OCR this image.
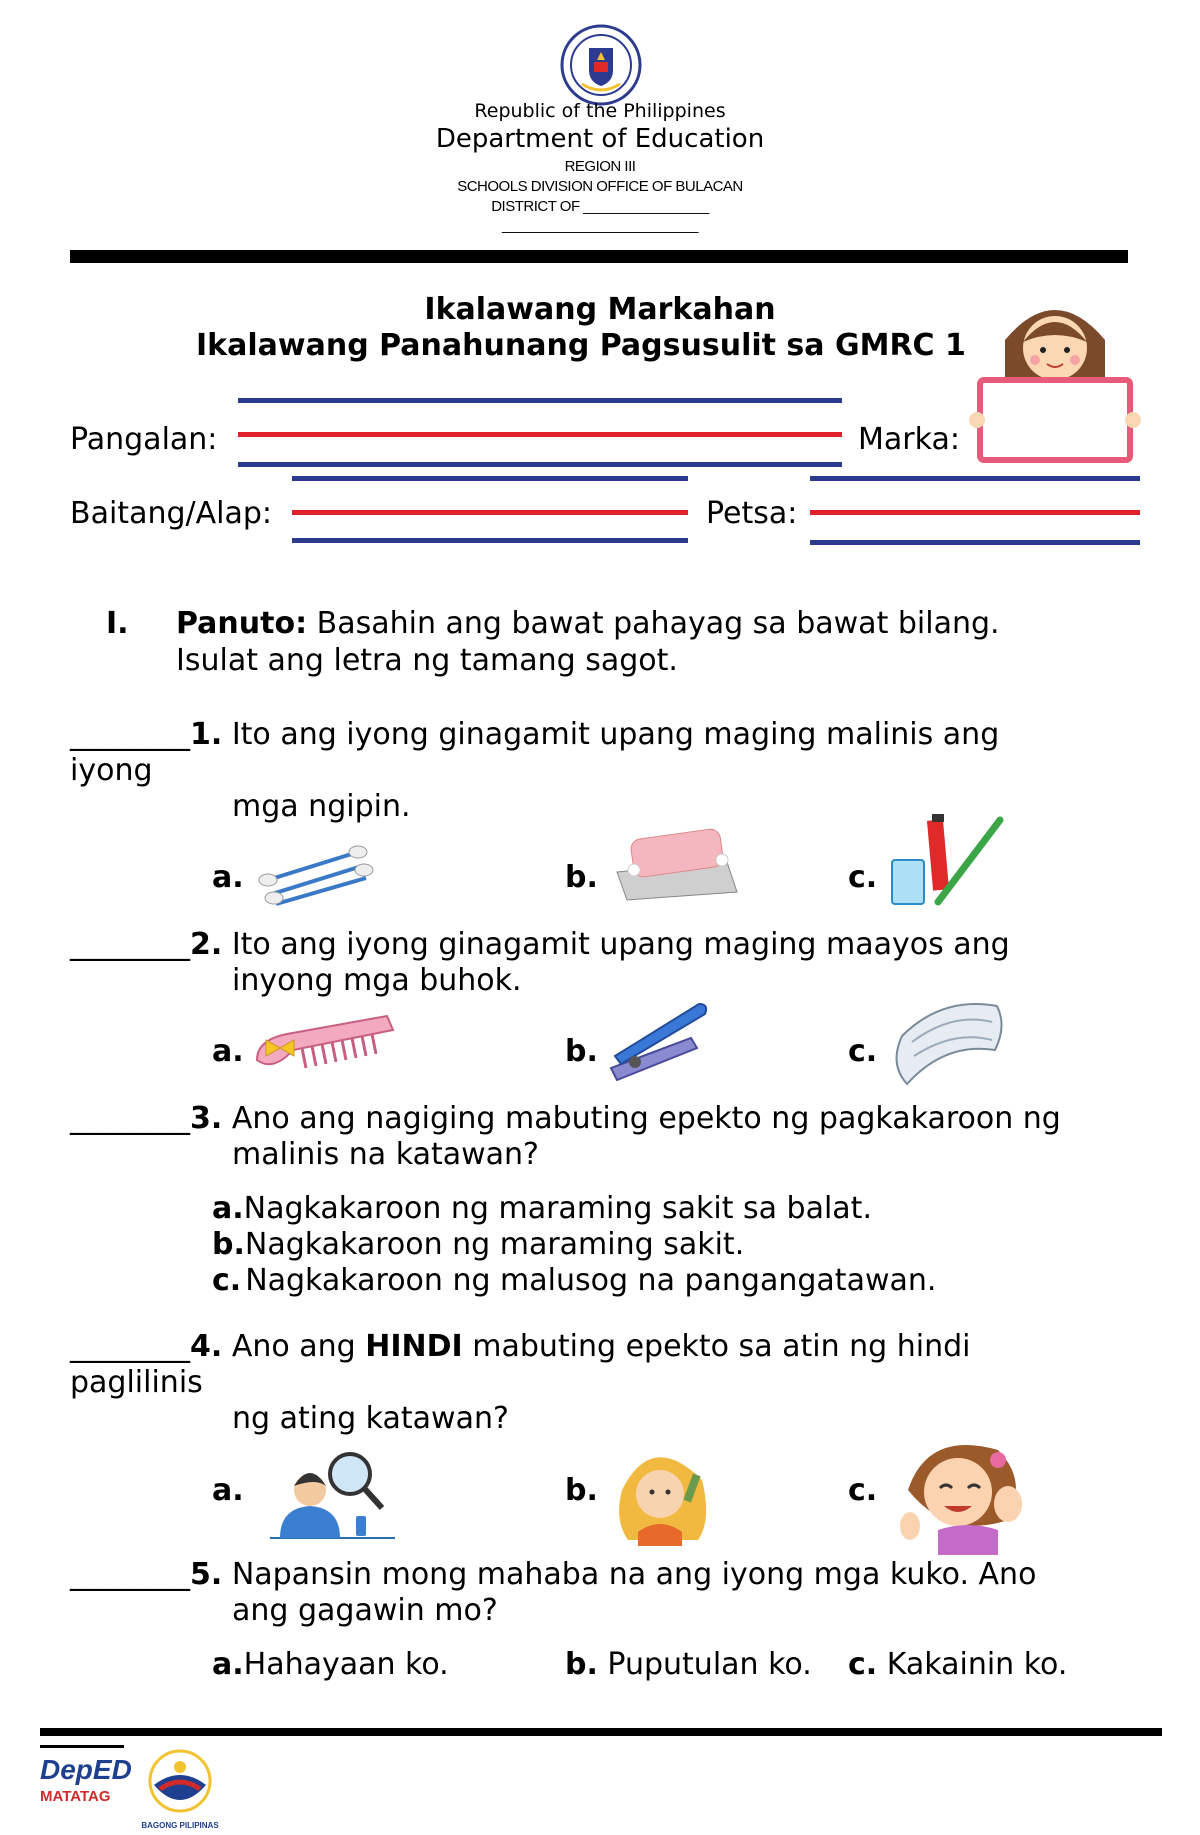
Republic of the Philippines
Department of Education
REGION III
SCHOOLS DIVISION OFFICE OF BULACAN
DISTRICT OF ________________
_________________________
Ikalawang Markahan
Ikalawang Panahunang Pagsusulit sa GMRC 1
Pangalan:	Marka:
Baitang/Alap:	Petsa:
I. Panuto: Basahin ang bawat pahayag sa bawat bilang.
Isulat ang letra ng tamang sagot.
________1. Ito ang iyong ginagamit upang maging malinis ang
iyong
mga ngipin.
a.	b.	c.
________2. Ito ang iyong ginagamit upang maging maayos ang
inyong mga buhok.
a.	b.	c.
________3. Ano ang nagiging mabuting epekto ng pagkakaroon ng
malinis na katawan?
a.Nagkakaroon ng maraming sakit sa balat.
b.Nagkakaroon ng maraming sakit.
c. Nagkakaroon ng malusog na pangangatawan.
________4. Ano ang HINDI mabuting epekto sa atin ng hindi
paglilinis
ng ating katawan?
a.	b.	c.
________5. Napansin mong mahaba na ang iyong mga kuko. Ano
ang gagawin mo?
a.Hahayaan ko.	b. Puputulan ko. c. Kakainin ko.
DepED
MATATAG
BAGONG PILIPINAS
